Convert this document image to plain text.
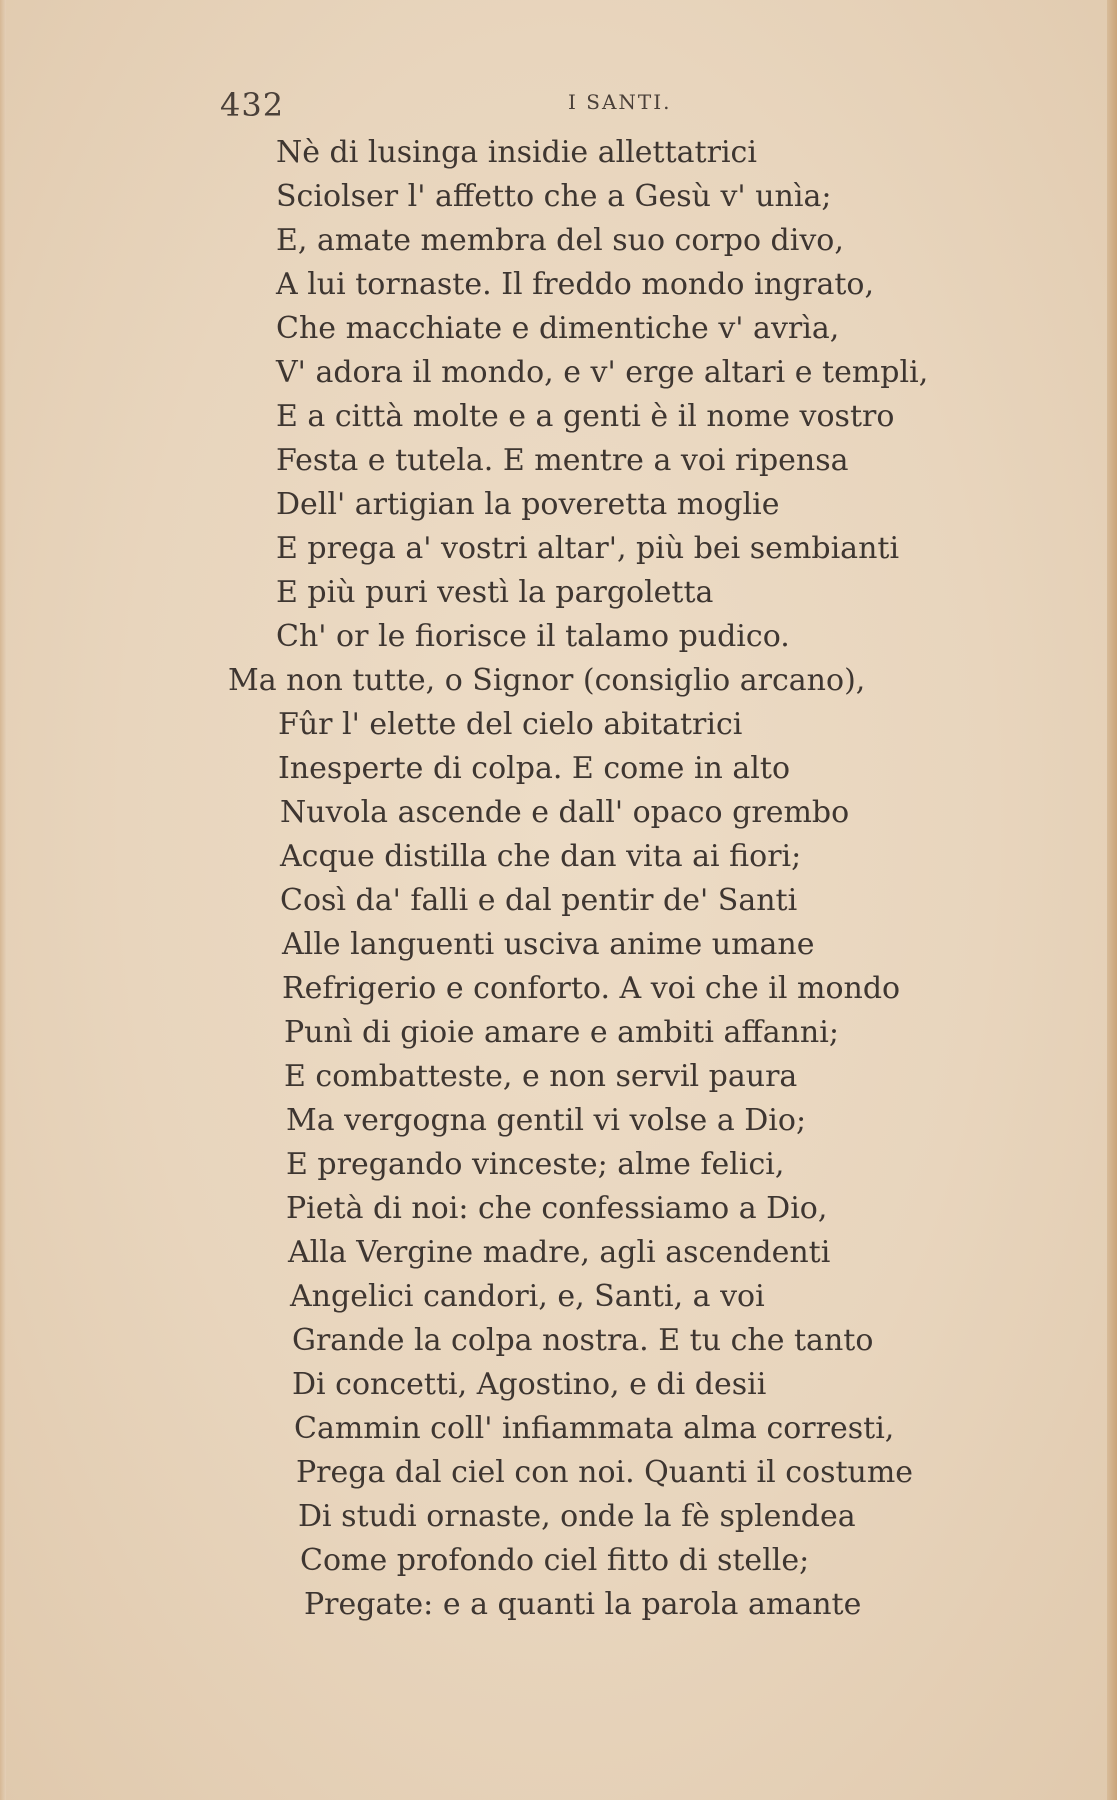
432	I SANTI.
Nè di lusinga insidie allettatrici
Sciolser l' affetto che a Gesù v' unìa;
E, amate membra del suo corpo divo,
A lui tornaste. Il freddo mondo ingrato,
Che macchiate e dimentiche v' avrìa,
V' adora il mondo, e v' erge altari e templi,
E a città molte e a genti è il nome vostro
Festa e tutela. E mentre a voi ripensa
Dell' artigian la poveretta moglie
E prega a' vostri altar', più bei sembianti
E più puri vestì la pargoletta
Ch' or le fiorisce il talamo pudico.
Ma non tutte, o Signor (consiglio arcano),
Fûr l' elette del cielo abitatrici
Inesperte di colpa. E come in alto
Nuvola ascende e dall' opaco grembo
Acque distilla che dan vita ai fiori;
Così da' falli e dal pentir de' Santi
Alle languenti usciva anime umane
Refrigerio e conforto. A voi che il mondo
Punì di gioie amare e ambiti affanni;
E combatteste, e non servil paura
Ma vergogna gentil vi volse a Dio;
E pregando vinceste; alme felici,
Pietà di noi: che confessiamo a Dio,
Alla Vergine madre, agli ascendenti
Angelici candori, e, Santi, a voi
Grande la colpa nostra. E tu che tanto
Di concetti, Agostino, e di desii
Cammin coll' infiammata alma corresti,
Prega dal ciel con noi. Quanti il costume
Di studi ornaste, onde la fè splendea
Come profondo ciel fitto di stelle;
Pregate: e a quanti la parola amante
